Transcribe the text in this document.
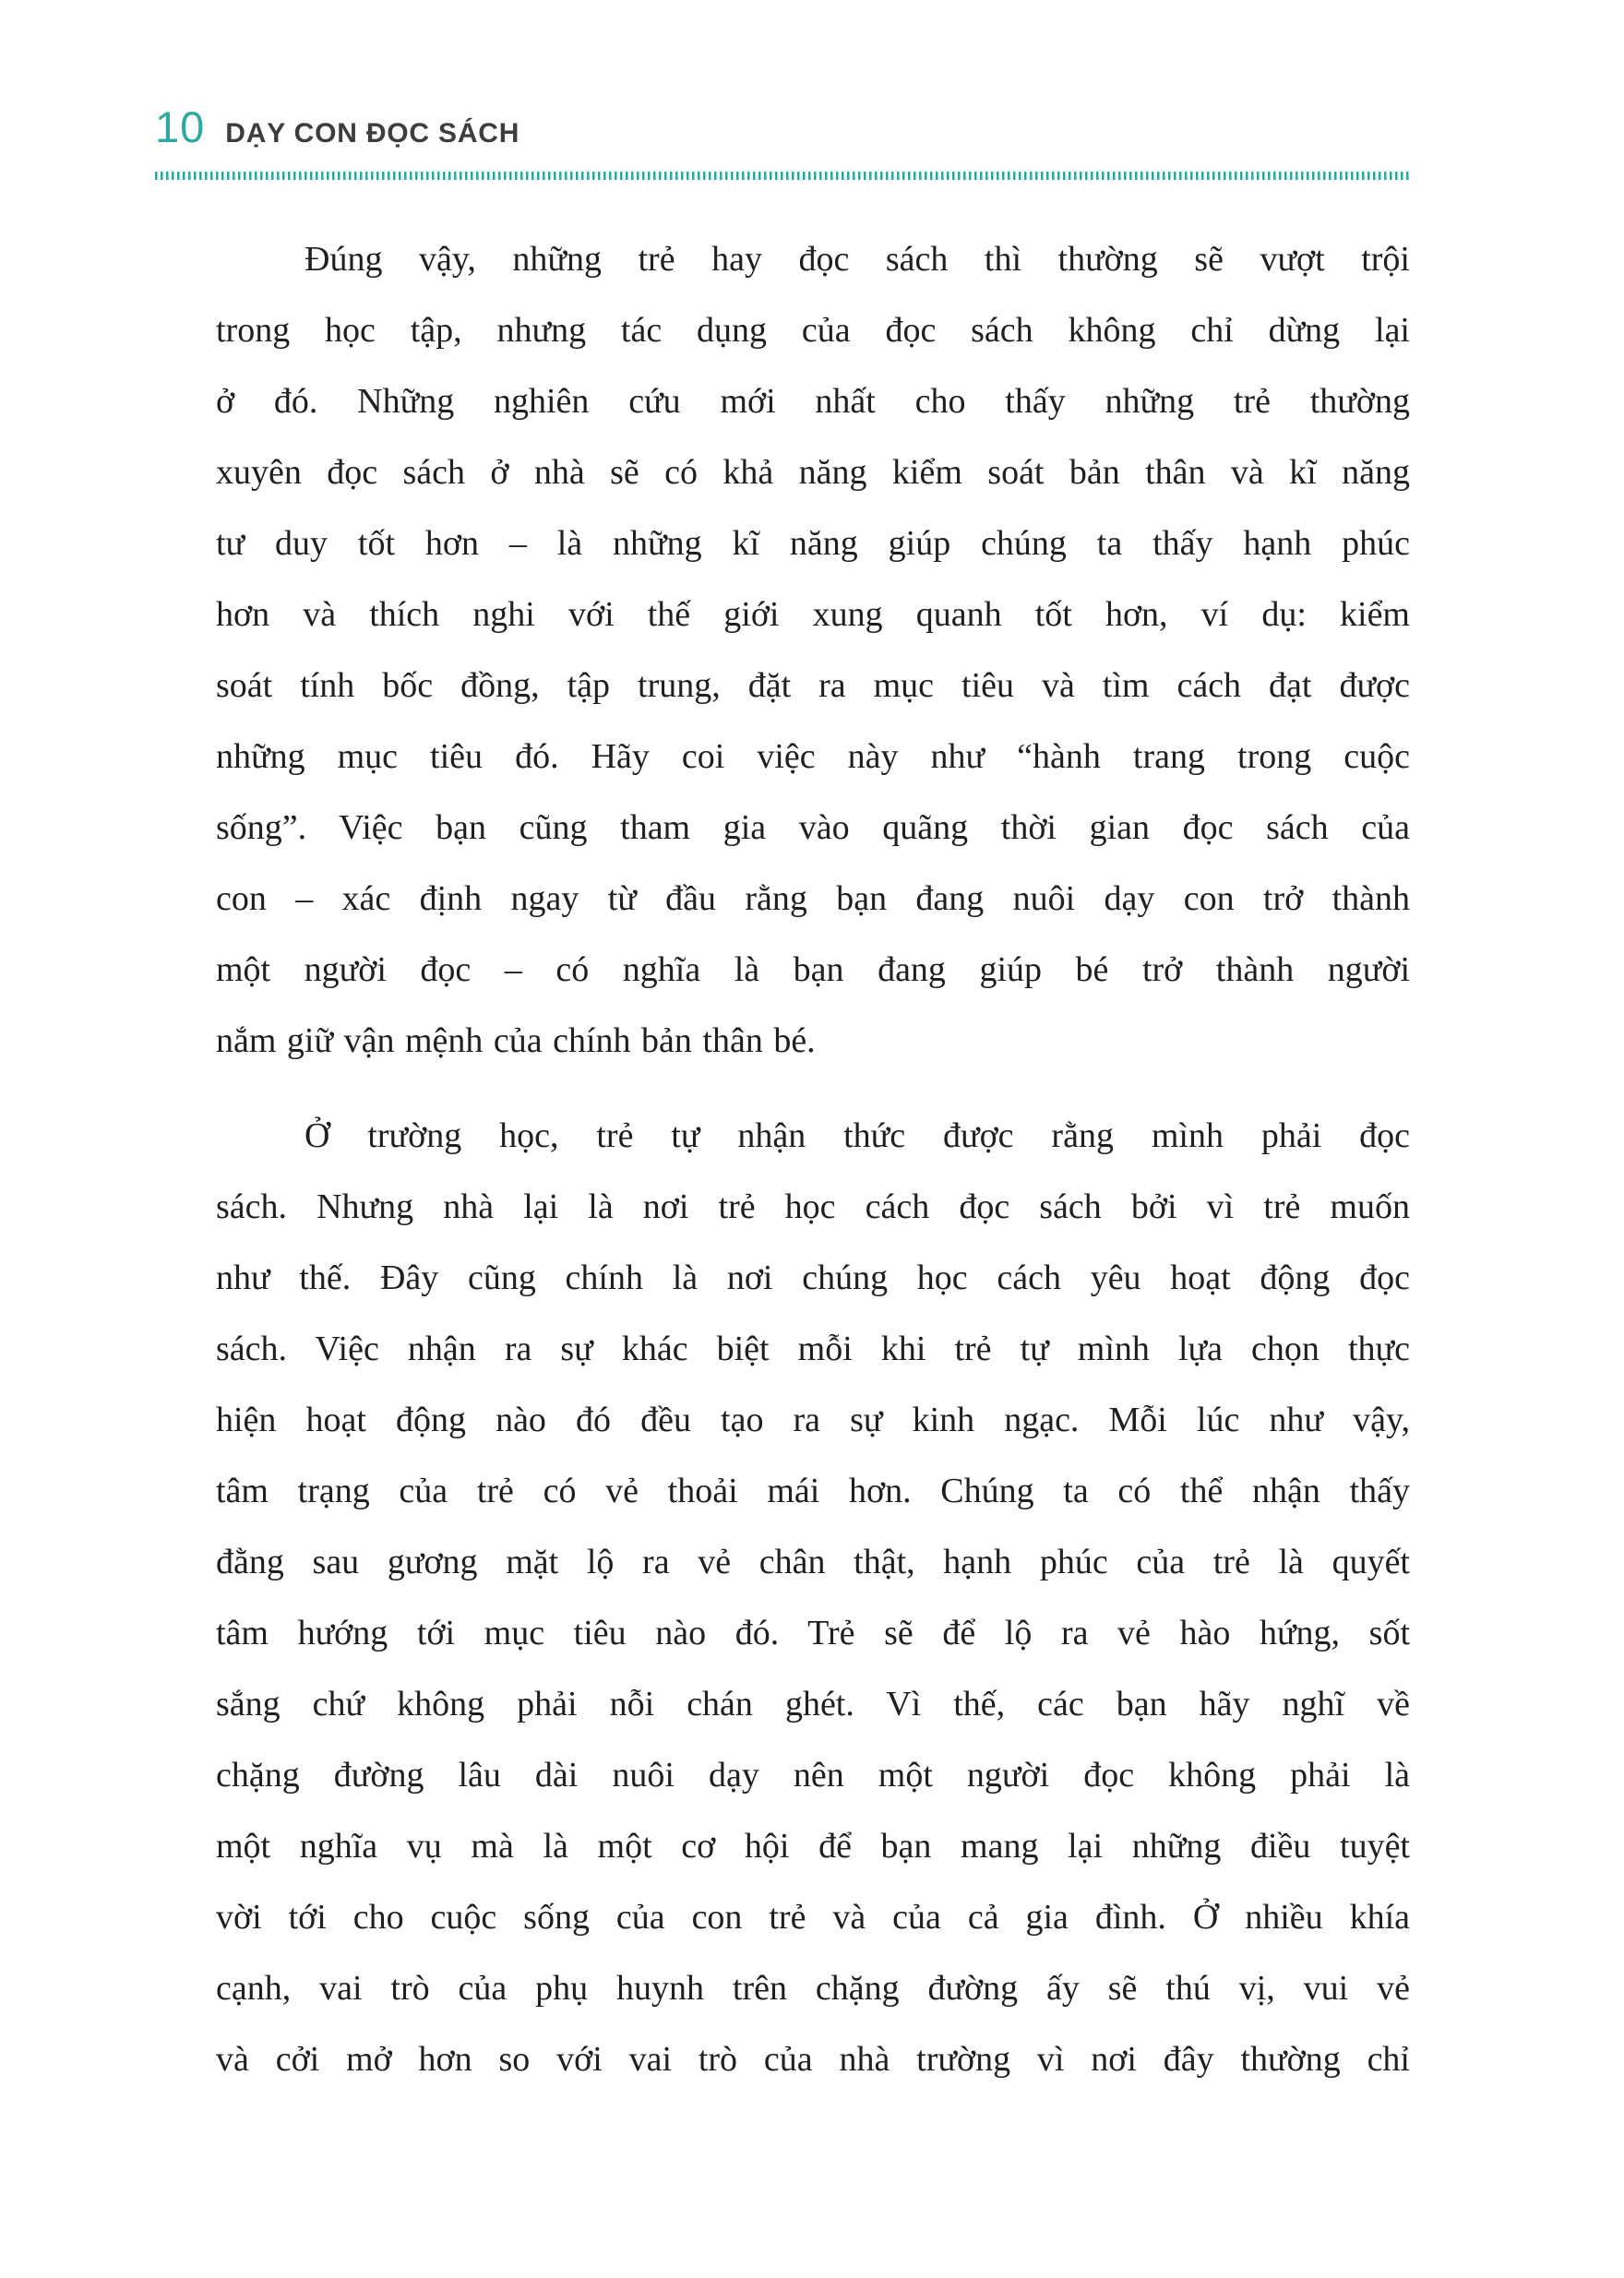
10 DẠY CON ĐỌC SÁCH
Đúng vậy, những trẻ hay đọc sách thì thường sẽ vượt trội
trong học tập, nhưng tác dụng của đọc sách không chỉ dừng lại
ở đó. Những nghiên cứu mới nhất cho thấy những trẻ thường
xuyên đọc sách ở nhà sẽ có khả năng kiểm soát bản thân và kĩ năng
tư duy tốt hơn – là những kĩ năng giúp chúng ta thấy hạnh phúc
hơn và thích nghi với thế giới xung quanh tốt hơn, ví dụ: kiểm
soát tính bốc đồng, tập trung, đặt ra mục tiêu và tìm cách đạt được
những mục tiêu đó. Hãy coi việc này như “hành trang trong cuộc
sống”. Việc bạn cũng tham gia vào quãng thời gian đọc sách của
con – xác định ngay từ đầu rằng bạn đang nuôi dạy con trở thành
một người đọc – có nghĩa là bạn đang giúp bé trở thành người
nắm giữ vận mệnh của chính bản thân bé.
Ở trường học, trẻ tự nhận thức được rằng mình phải đọc
sách. Nhưng nhà lại là nơi trẻ học cách đọc sách bởi vì trẻ muốn
như thế. Đây cũng chính là nơi chúng học cách yêu hoạt động đọc
sách. Việc nhận ra sự khác biệt mỗi khi trẻ tự mình lựa chọn thực
hiện hoạt động nào đó đều tạo ra sự kinh ngạc. Mỗi lúc như vậy,
tâm trạng của trẻ có vẻ thoải mái hơn. Chúng ta có thể nhận thấy
đằng sau gương mặt lộ ra vẻ chân thật, hạnh phúc của trẻ là quyết
tâm hướng tới mục tiêu nào đó. Trẻ sẽ để lộ ra vẻ hào hứng, sốt
sắng chứ không phải nỗi chán ghét. Vì thế, các bạn hãy nghĩ về
chặng đường lâu dài nuôi dạy nên một người đọc không phải là
một nghĩa vụ mà là một cơ hội để bạn mang lại những điều tuyệt
vời tới cho cuộc sống của con trẻ và của cả gia đình. Ở nhiều khía
cạnh, vai trò của phụ huynh trên chặng đường ấy sẽ thú vị, vui vẻ
và cởi mở hơn so với vai trò của nhà trường vì nơi đây thường chỉ
